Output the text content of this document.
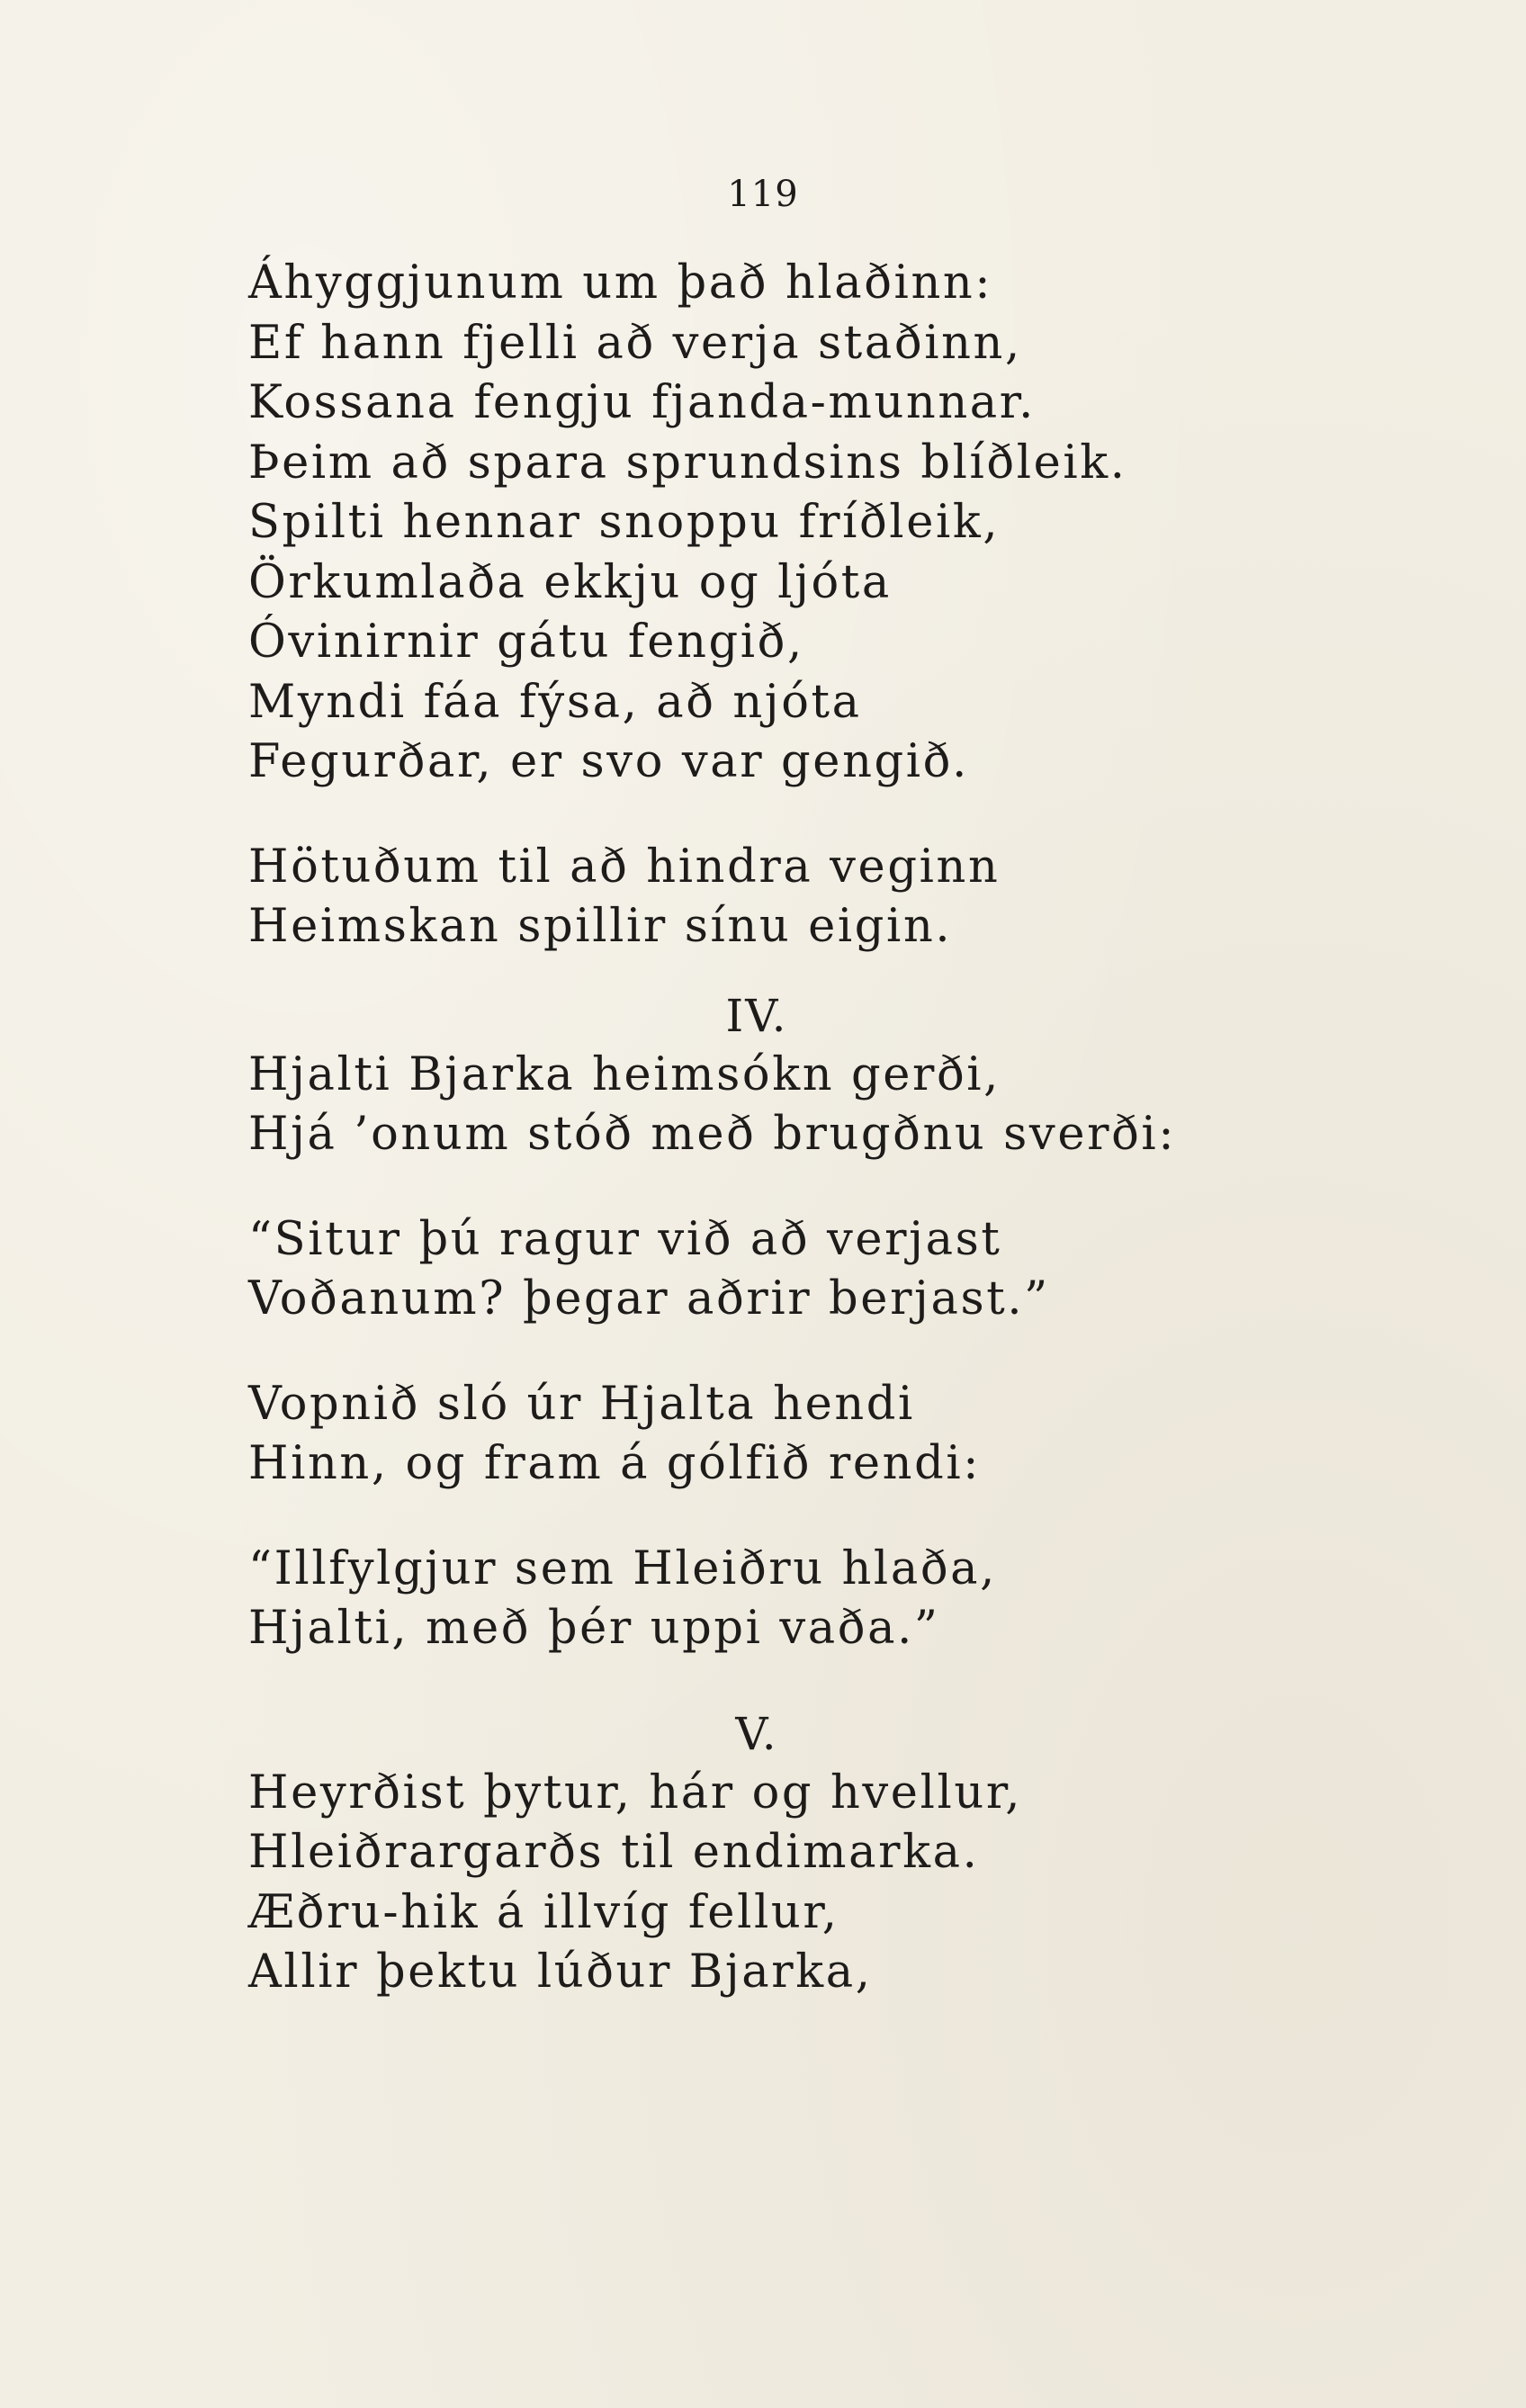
119
Áhyggjunum um það hlaðinn:
Ef hann fjelli að verja staðinn,
Kossana fengju fjanda-munnar.
Þeim að spara sprundsins blíðleik.
Spilti hennar snoppu fríðleik,
Örkumlaða ekkju og ljóta
Óvinirnir gátu fengið,
Myndi fáa fýsa, að njóta
Fegurðar, er svo var gengið.
Hötuðum til að hindra veginn
Heimskan spillir sínu eigin.
IV.
Hjalti Bjarka heimsókn gerði,
Hjá ’onum stóð með brugðnu sverði:
“Situr þú ragur við að verjast
Voðanum? þegar aðrir berjast.”
Vopnið sló úr Hjalta hendi
Hinn, og fram á gólfið rendi:
“Illfylgjur sem Hleiðru hlaða,
Hjalti, með þér uppi vaða.”
V.
Heyrðist þytur, hár og hvellur,
Hleiðrargarðs til endimarka.
Æðru-hik á illvíg fellur,
Allir þektu lúður Bjarka,
